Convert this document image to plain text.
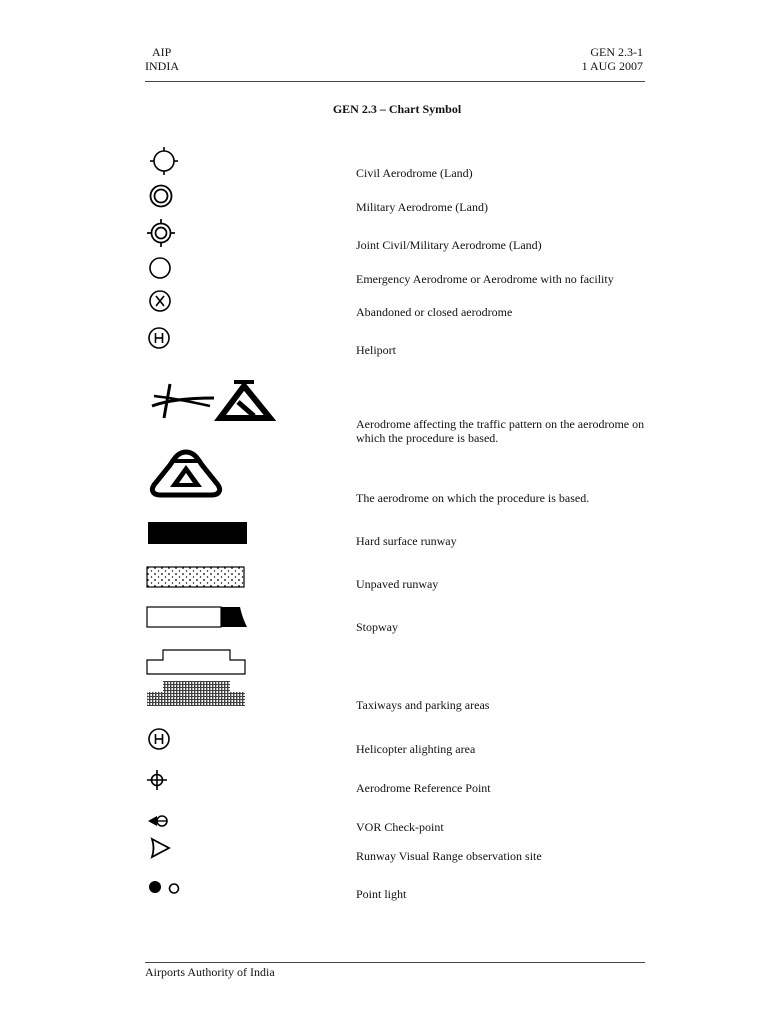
AIP
INDIA
GEN 2.3-1
1 AUG 2007
GEN 2.3 – Chart Symbol
Civil Aerodrome (Land)
Military Aerodrome (Land)
Joint Civil/Military Aerodrome (Land)
Emergency Aerodrome or Aerodrome with no facility
Abandoned or closed aerodrome
Heliport
Aerodrome affecting the traffic pattern on the aerodrome on which the procedure is based.
The aerodrome on which the procedure is based.
Hard surface runway
Unpaved runway
Stopway
Taxiways and parking areas
Helicopter alighting area
Aerodrome Reference Point
VOR Check-point
Runway Visual Range observation site
Point light
Airports Authority of India
